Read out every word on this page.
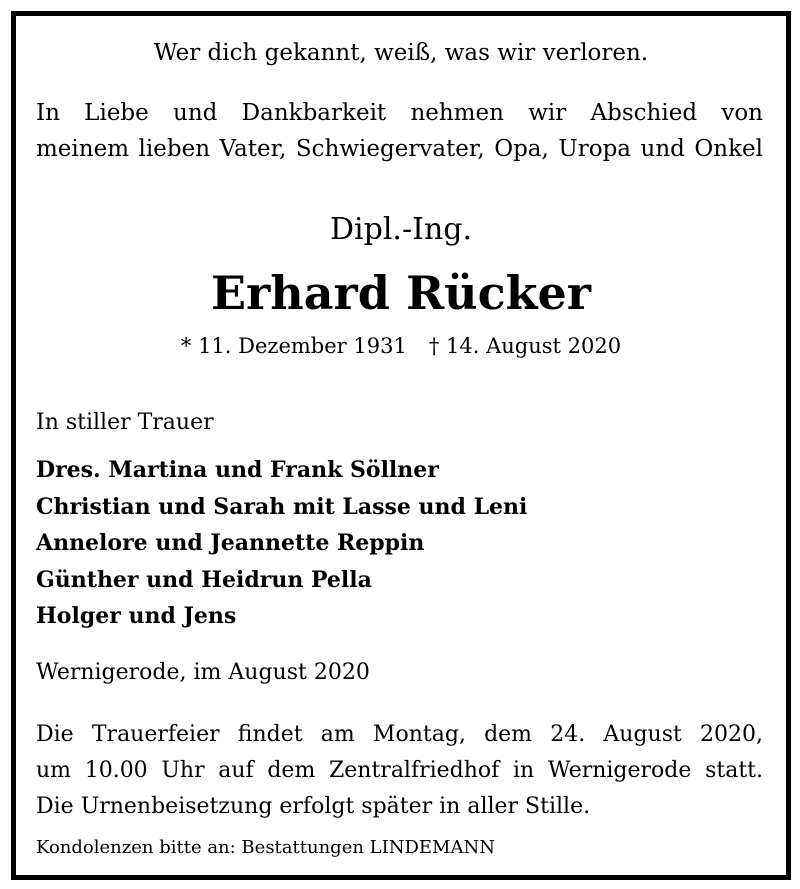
Wer dich gekannt, weiß, was wir verloren.
In Liebe und Dankbarkeit nehmen wir Abschied von
meinem lieben Vater, Schwiegervater, Opa, Uropa und Onkel
Dipl.-Ing.
Erhard Rücker
* 11. Dezember 1931 † 14. August 2020
In stiller Trauer
Dres. Martina und Frank Söllner
Christian und Sarah mit Lasse und Leni
Annelore und Jeannette Reppin
Günther und Heidrun Pella
Holger und Jens
Wernigerode, im August 2020
Die Trauerfeier findet am Montag, dem 24. August 2020,
um 10.00 Uhr auf dem Zentralfriedhof in Wernigerode statt.
Die Urnenbeisetzung erfolgt später in aller Stille.
Kondolenzen bitte an: Bestattungen LINDEMANN
